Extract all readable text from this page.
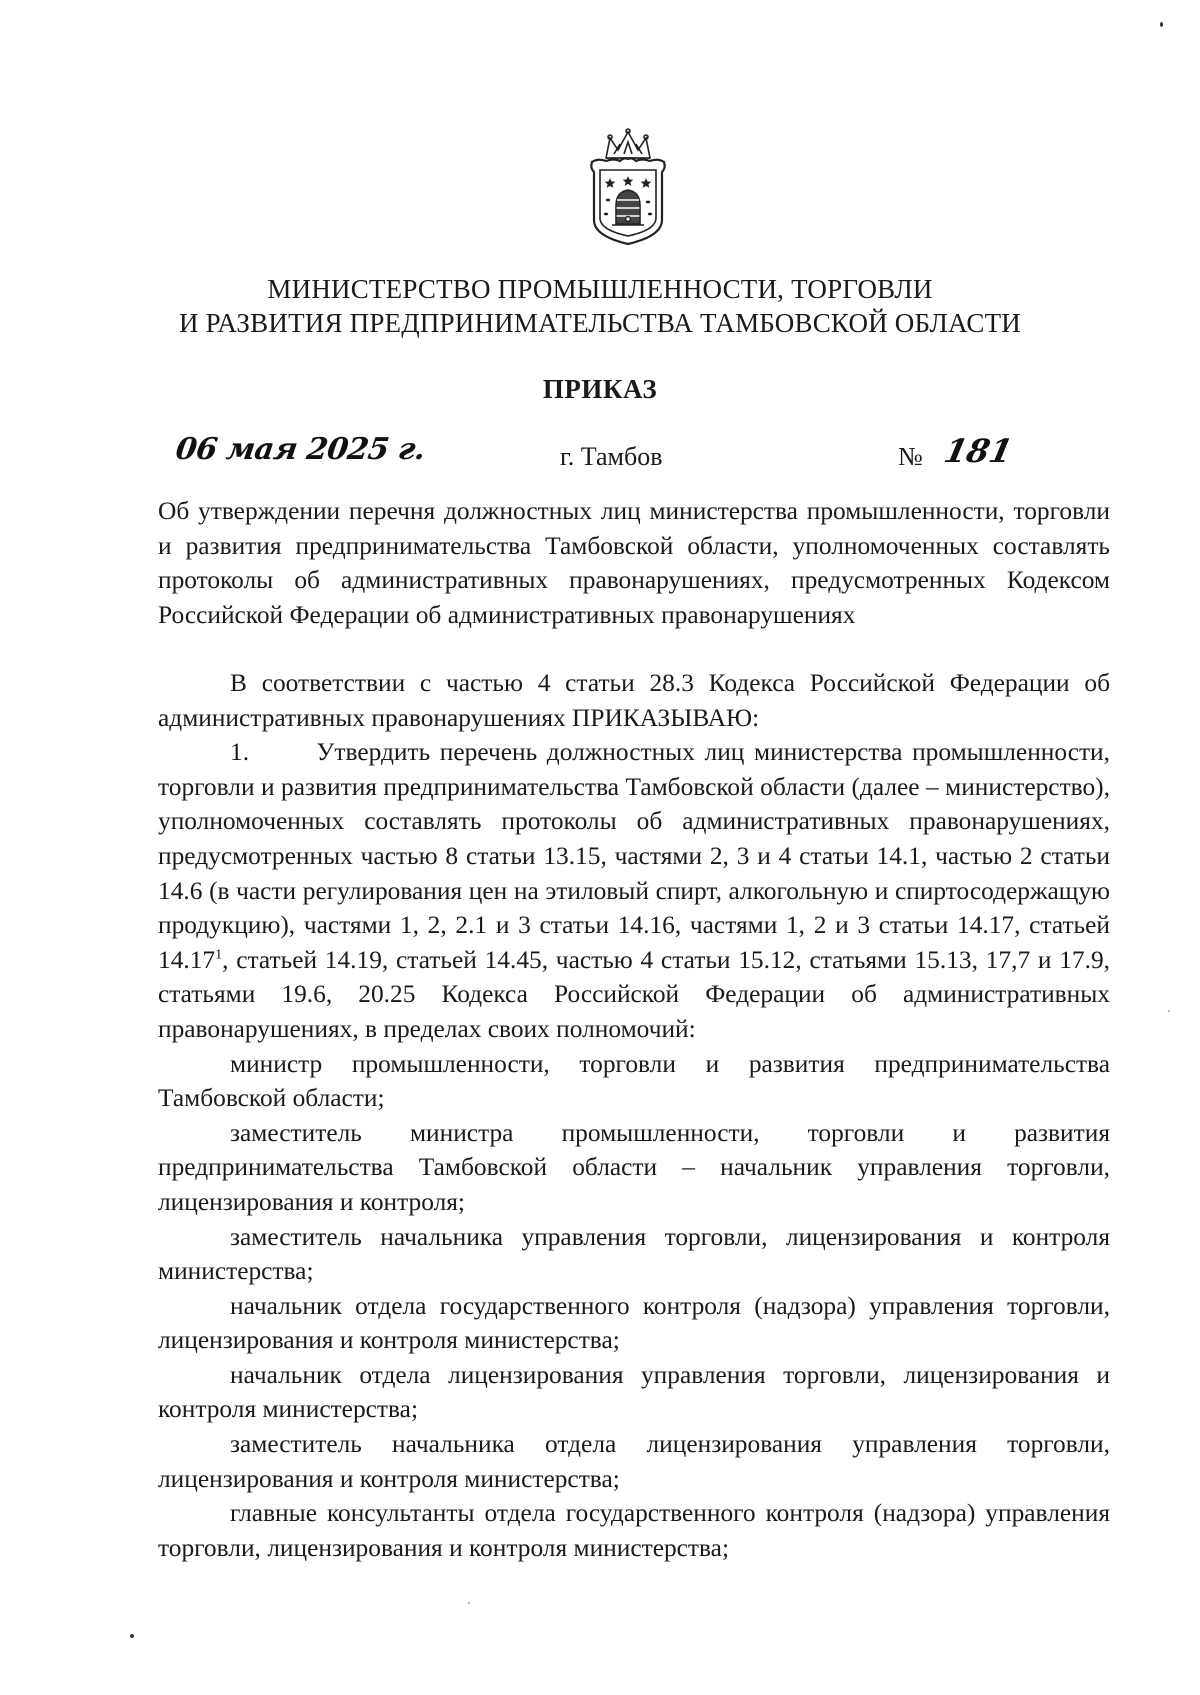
МИНИСТЕРСТВО ПРОМЫШЛЕННОСТИ, ТОРГОВЛИ
И РАЗВИТИЯ ПРЕДПРИНИМАТЕЛЬСТВА ТАМБОВСКОЙ ОБЛАСТИ
ПРИКАЗ
06 мая 2025 г.	г. Тамбов	№ 181

Об утверждении перечня должностных лиц министерства промышленности, торговли и развития предпринимательства Тамбовской области, уполномоченных составлять протоколы об административных правонарушениях, предусмотренных Кодексом Российской Федерации об административных правонарушениях

В соответствии с частью 4 статьи 28.3 Кодекса Российской Федерации об административных правонарушениях ПРИКАЗЫВАЮ:

1.	Утвердить перечень должностных лиц министерства промышленности, торговли и развития предпринимательства Тамбовской области (далее – министерство), уполномоченных составлять протоколы об административных правонарушениях, предусмотренных частью 8 статьи 13.15, частями 2, 3 и 4 статьи 14.1, частью 2 статьи 14.6 (в части регулирования цен на этиловый спирт, алкогольную и спиртосодержащую продукцию), частями 1, 2, 2.1 и 3 статьи 14.16, частями 1, 2 и 3 статьи 14.17, статьей 14.17$^1$, статьей 14.19, статьей 14.45, частью 4 статьи 15.12, статьями 15.13, 17,7 и 17.9, статьями 19.6, 20.25 Кодекса Российской Федерации об административных правонарушениях, в пределах своих полномочий:

министр промышленности, торговли и развития предпринимательства Тамбовской области;

заместитель министра промышленности, торговли и развития предпринимательства Тамбовской области – начальник управления торговли, лицензирования и контроля;

заместитель начальника управления торговли, лицензирования и контроля министерства;

начальник отдела государственного контроля (надзора) управления торговли, лицензирования и контроля министерства;

начальник отдела лицензирования управления торговли, лицензирования и контроля министерства;

заместитель начальника отдела лицензирования управления торговли, лицензирования и контроля министерства;

главные консультанты отдела государственного контроля (надзора) управления торговли, лицензирования и контроля министерства;
